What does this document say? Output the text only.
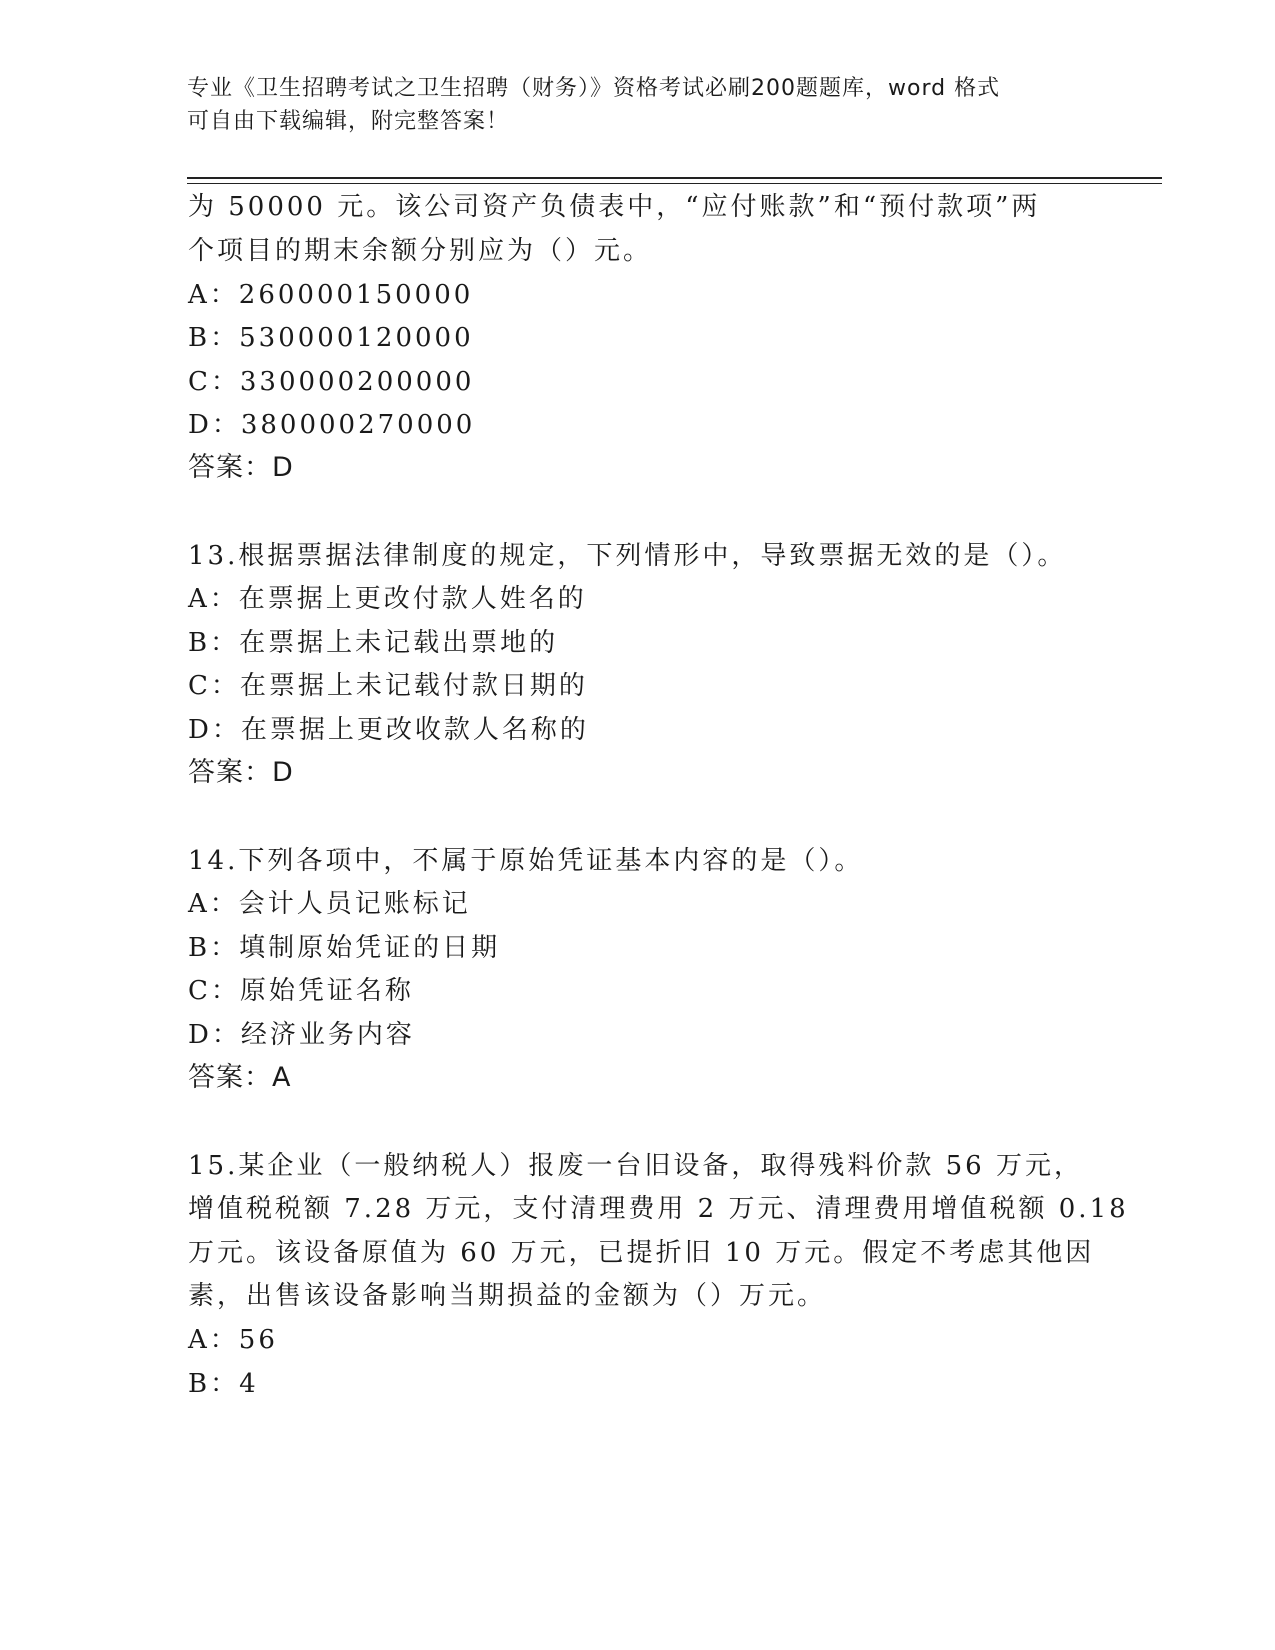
专业《卫生招聘考试之卫生招聘（财务）》资格考试必刷200题题库，word 格式
可自由下载编辑，附完整答案！
为 50000 元。该公司资产负债表中，“应付账款”和“预付款项”两
个项目的期末余额分别应为（）元。
A：260000150000
B：530000120000
C：330000200000
D：380000270000
答案：D
13.根据票据法律制度的规定，下列情形中，导致票据无效的是（）。
A：在票据上更改付款人姓名的
B：在票据上未记载出票地的
C：在票据上未记载付款日期的
D：在票据上更改收款人名称的
答案：D
14.下列各项中，不属于原始凭证基本内容的是（）。
A：会计人员记账标记
B：填制原始凭证的日期
C：原始凭证名称
D：经济业务内容
答案：A
15.某企业（一般纳税人）报废一台旧设备，取得残料价款 56 万元，
增值税税额 7.28 万元，支付清理费用 2 万元、清理费用增值税额 0.18
万元。该设备原值为 60 万元，已提折旧 10 万元。假定不考虑其他因
素，出售该设备影响当期损益的金额为（）万元。
A：56
B：4
